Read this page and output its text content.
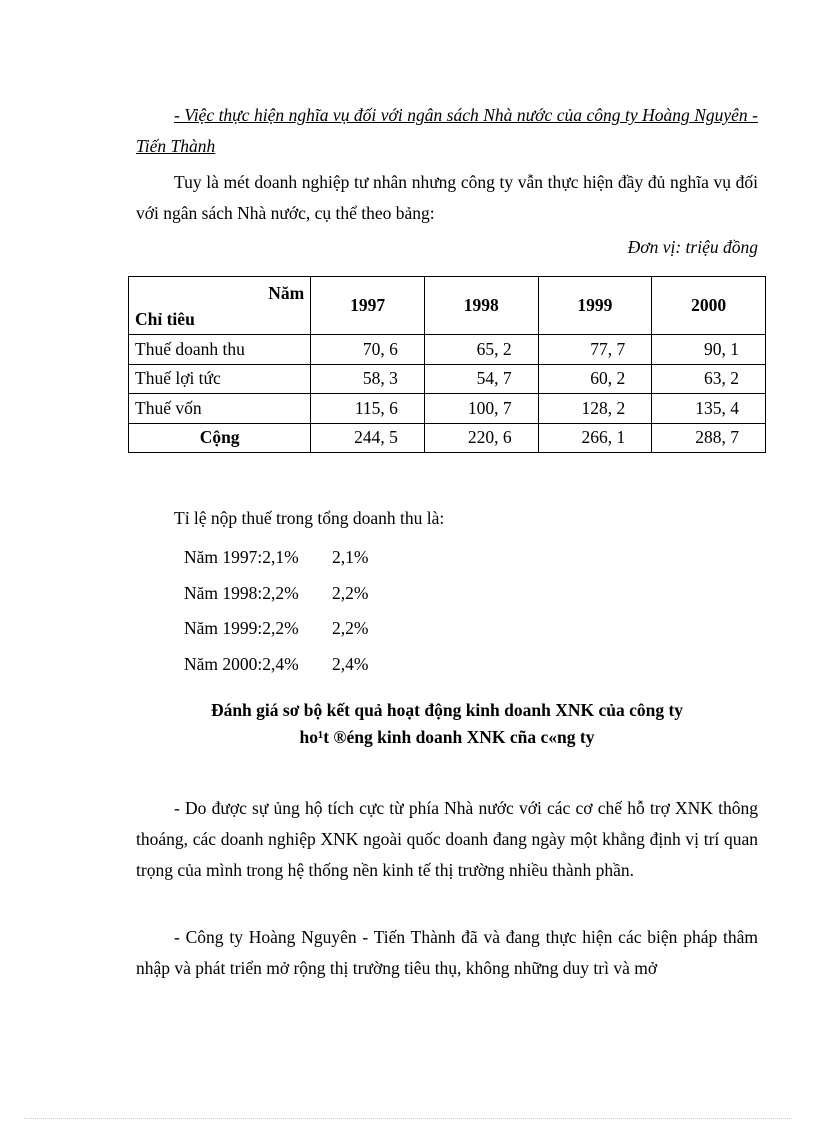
- Việc thực hiện nghĩa vụ đối với ngân sách Nhà nước của công ty Hoàng Nguyên - Tiến Thành
Tuy là mét doanh nghiệp tư nhân nhưng công ty vẫn thực hiện đầy đủ nghĩa vụ đối với ngân sách Nhà nước, cụ thể theo bảng:
Đơn vị: triệu đồng
Năm
Chỉ tiêu	1997	1998	1999	2000
Thuế doanh thu	70, 6	65, 2	77, 7	90, 1
Thuế lợi tức	58, 3	54, 7	60, 2	63, 2
Thuế vốn	115, 6	100, 7	128, 2	135, 4
Cộng	244, 5	220, 6	266, 1	288, 7
Tỉ lệ nộp thuế trong tổng doanh thu là:
Năm 1997:2,1% 2,1%
Năm 1998:2,2% 2,2%
Năm 1999:2,2% 2,2%
Năm 2000:2,4% 2,4%
Đánh giá sơ bộ kết quả hoạt động kinh doanh XNK của công ty
ho¹t ®éng kinh doanh XNK cña c«ng ty
- Do được sự ủng hộ tích cực từ phía Nhà nước với các cơ chế hỗ trợ XNK thông thoáng, các doanh nghiệp XNK ngoài quốc doanh đang ngày một khẳng định vị trí quan trọng của mình trong hệ thống nền kinh tế thị trường nhiều thành phần.
- Công ty Hoàng Nguyên - Tiến Thành đã và đang thực hiện các biện pháp thâm nhập và phát triển mở rộng thị trường tiêu thụ, không những duy trì và mở
